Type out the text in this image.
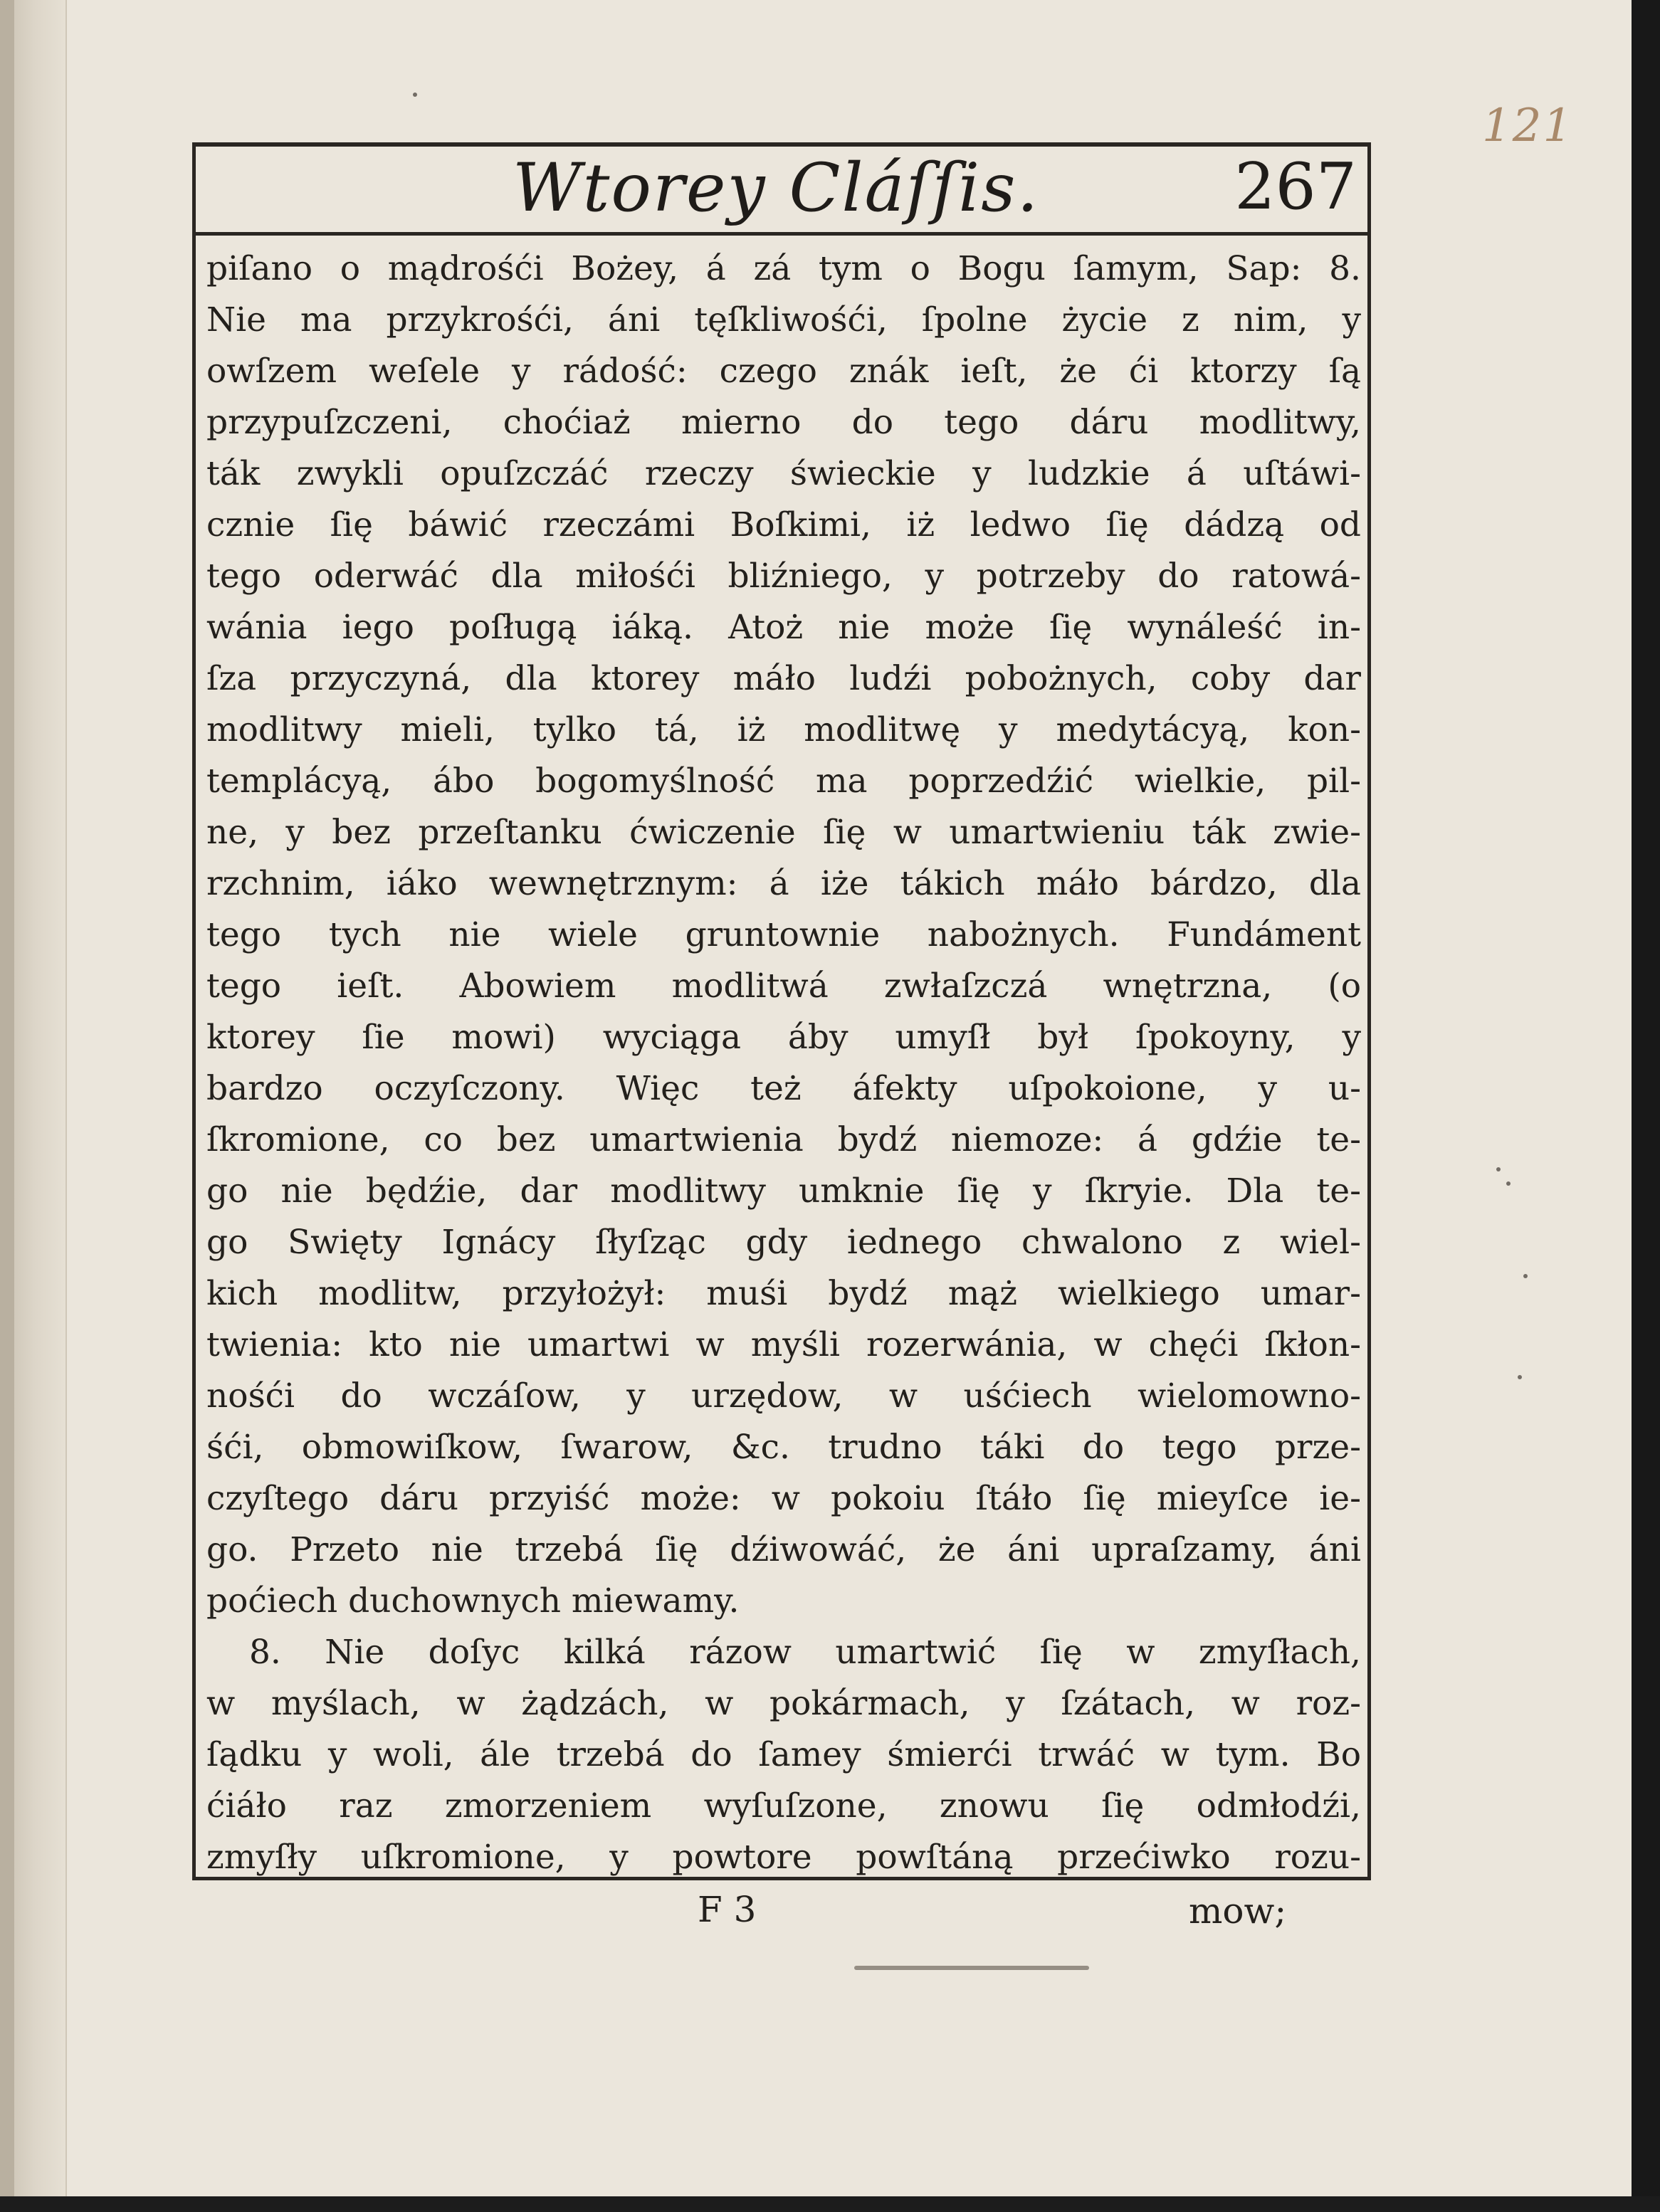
121
Wtorey Cláſſis.	267
piſano o mądrośći Bożey, á zá tym o Bogu ſamym, Sap: 8.
Nie ma przykrośći, áni tęſkliwośći, ſpolne życie z nim, y
owſzem weſele y rádość: czego znák ieſt, że ći ktorzy ſą
przypuſzczeni, choćiaż mierno do tego dáru modlitwy,
ták zwykli opuſzczáć rzeczy świeckie y ludzkie á uſtáwi-
cznie ſię báwić rzeczámi Boſkimi, iż ledwo ſię dádzą od
tego oderwáć dla miłośći bliźniego, y potrzeby do ratowá-
wánia iego poſługą iáką. Atoż nie może ſię wynáleść in-
ſza przyczyná, dla ktorey máło ludźi pobożnych, coby dar
modlitwy mieli, tylko tá, iż modlitwę y medytácyą, kon-
templácyą, ábo bogomyślność ma poprzedźić wielkie, pil-
ne, y bez przeſtanku ćwiczenie ſię w umartwieniu ták zwie-
rzchnim, iáko wewnętrznym: á iże tákich máło bárdzo, dla
tego tych nie wiele gruntownie nabożnych. Fundáment
tego ieſt. Abowiem modlitwá zwłaſzczá wnętrzna, (o
ktorey ſie mowi) wyciąga áby umyſł był ſpokoyny, y
bardzo oczyſczony. Więc też áfekty uſpokoione, y u-
ſkromione, co bez umartwienia bydź niemoze: á gdźie te-
go nie będźie, dar modlitwy umknie ſię y ſkryie. Dla te-
go Swięty Ignácy ſłyſząc gdy iednego chwalono z wiel-
kich modlitw, przyłożył: muśi bydź mąż wielkiego umar-
twienia: kto nie umartwi w myśli rozerwánia, w chęći ſkłon-
nośći do wczáſow, y urzędow, w uśćiech wielomowno-
śći, obmowiſkow, ſwarow, &c. trudno táki do tego prze-
czyſtego dáru przyiść może: w pokoiu ſtáło ſię mieyſce ie-
go. Przeto nie trzebá ſię dźiwowáć, że áni upraſzamy, áni
poćiech duchownych miewamy.
8. Nie doſyc kilká rázow umartwić ſię w zmyſłach,
w myślach, w żądzách, w pokármach, y ſzátach, w roz-
ſądku y woli, ále trzebá do ſamey śmierći trwáć w tym. Bo
ćiáło raz zmorzeniem wyſuſzone, znowu ſię odmłodźi,
zmyſły uſkromione, y powtore powſtáną przećiwko rozu-
F 3	mow;
